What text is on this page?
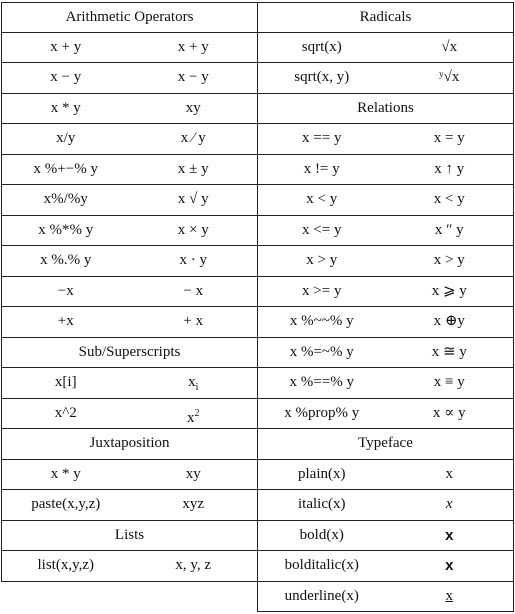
Arithmetic Operators
x + y	x + y
x − y	x − y
x * y	xy
x/y	x ⁄ y
x %+−% y	x ± y
x%/%y	x √ y
x %*% y	x × y
x %.% y	x · y
−x	− x
+x	+ x
Sub/Superscripts
x[i]	$x_i$
x^2	$x^2$
Juxtaposition
x * y	xy
paste(x,y,z)	xyz
Lists
list(x,y,z)	x, y, z
Radicals
sqrt(x)	√x
sqrt(x, y)	ʸ√x
Relations
x == y	x = y
x != y	x ↑ y
x < y	x < y
x <= y	x ″ y
x > y	x > y
x >= y	x ⩾ y
x %~~% y	x ⊕y
x %=~% y	x ≅ y
x %==% y	x ≡ y
x %prop% y	x ∝ y
Typeface
plain(x)	x
italic(x)	x
bold(x)	x
bolditalic(x)	x
underline(x)	x
